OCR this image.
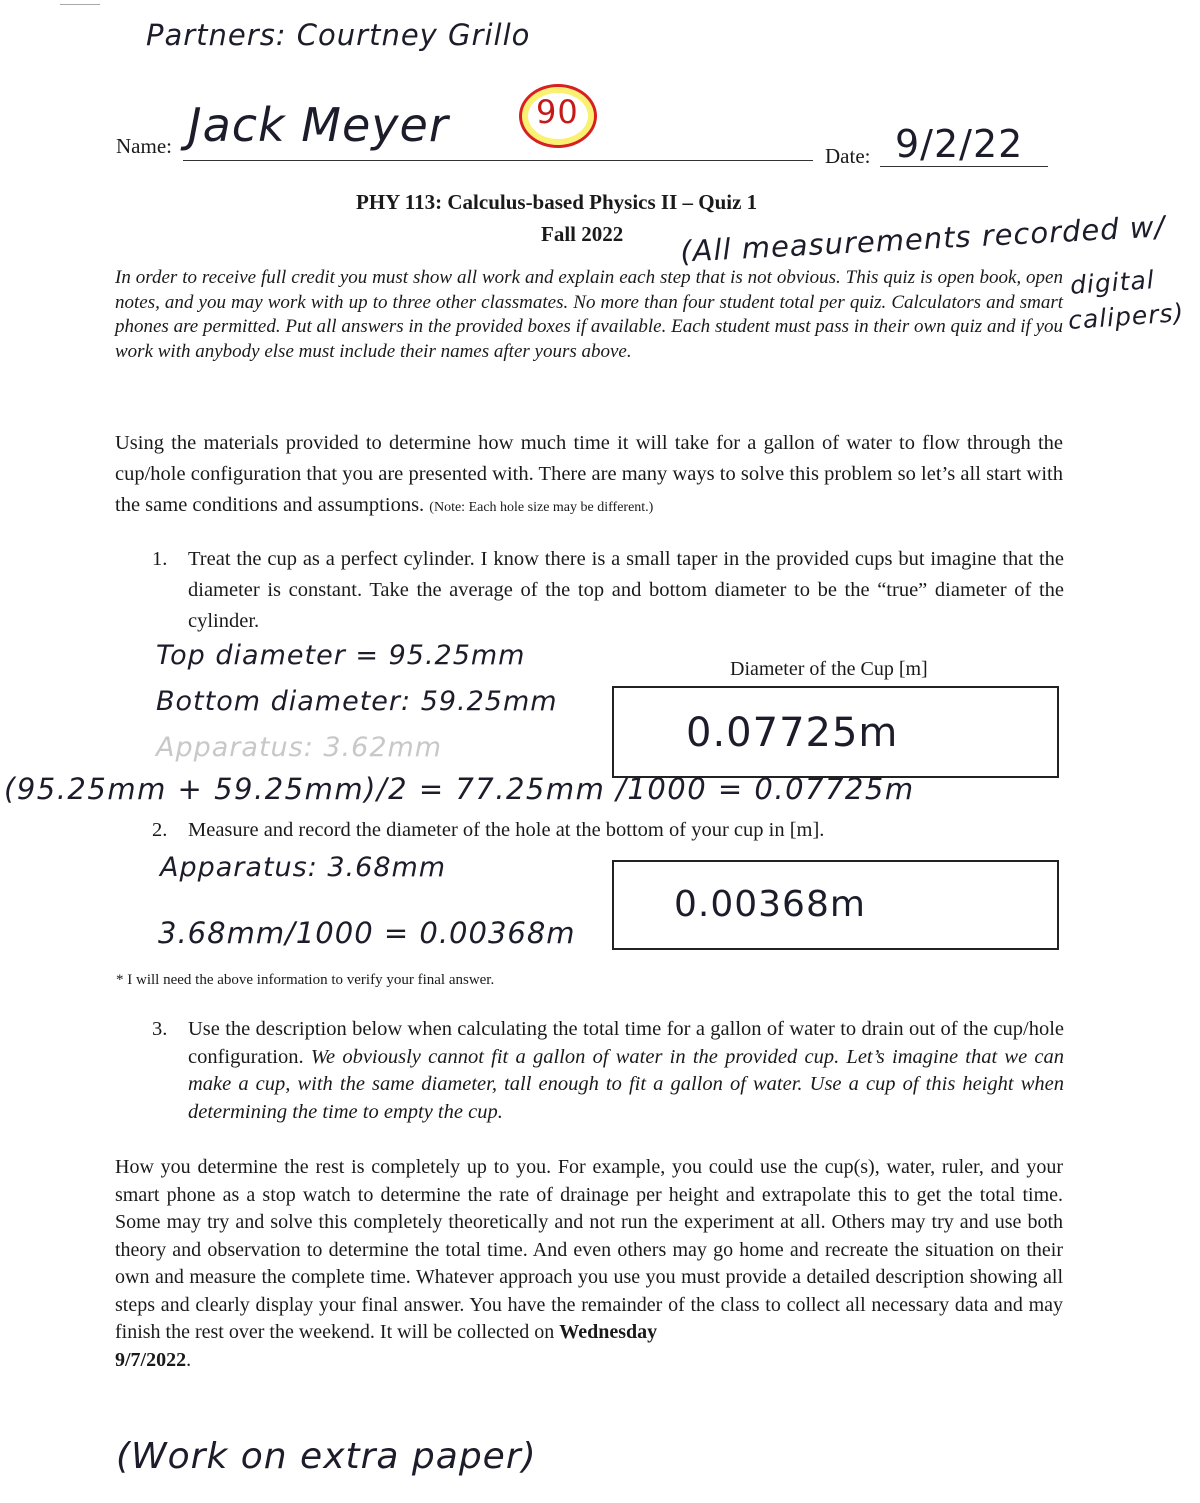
Partners: Courtney Grillo
90
Name: Jack Meyer
Date: 9/2/22
PHY 113: Calculus-based Physics II – Quiz 1
Fall 2022 (All measurements recorded w/
digital
calipers)

In order to receive full credit you must show all work and explain each step that is not obvious. This quiz is open book, open notes, and you may work with up to three other classmates. No more than four student total per quiz. Calculators and smart phones are permitted. Put all answers in the provided boxes if available. Each student must pass in their own quiz and if you work with anybody else must include their names after yours above.

Using the materials provided to determine how much time it will take for a gallon of water to flow through the cup/hole configuration that you are presented with. There are many ways to solve this problem so let’s all start with the same conditions and assumptions. (Note: Each hole size may be different.)

1. Treat the cup as a perfect cylinder. I know there is a small taper in the provided cups but imagine that the diameter is constant. Take the average of the top and bottom diameter to be the “true” diameter of the cylinder.
Top diameter = 95.25mm
Bottom diameter: 59.25mm
Apparatus: 3.62mm
Diameter of the Cup [m]
0.07725m
(95.25mm + 59.25mm)/2 = 77.25mm /1000 = 0.07725m
2. Measure and record the diameter of the hole at the bottom of your cup in [m].
Apparatus: 3.68mm
0.00368m
3.68mm/1000 = 0.00368m
* I will need the above information to verify your final answer.
3. Use the description below when calculating the total time for a gallon of water to drain out of the cup/hole configuration. We obviously cannot fit a gallon of water in the provided cup. Let’s imagine that we can make a cup, with the same diameter, tall enough to fit a gallon of water. Use a cup of this height when determining the time to empty the cup.

How you determine the rest is completely up to you. For example, you could use the cup(s), water, ruler, and your smart phone as a stop watch to determine the rate of drainage per height and extrapolate this to get the total time. Some may try and solve this completely theoretically and not run the experiment at all. Others may try and use both theory and observation to determine the total time. And even others may go home and recreate the situation on their own and measure the complete time. Whatever approach you use you must provide a detailed description showing all steps and clearly display your final answer. You have the remainder of the class to collect all necessary data and may finish the rest over the weekend. It will be collected on Wednesday
9/7/2022.

(Work on extra paper)
